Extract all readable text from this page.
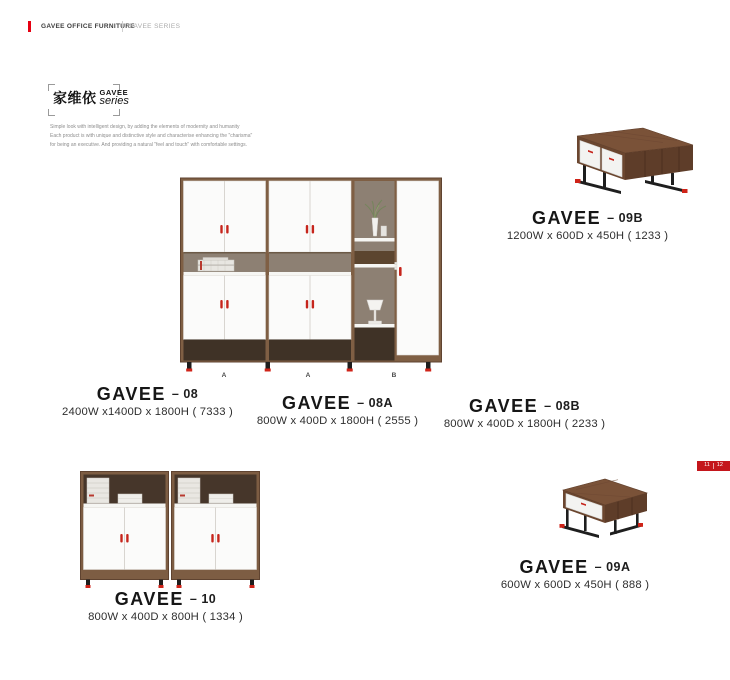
GAVEE OFFICE FURNITURE
GAVEE SERIES
家维依 GAVEE
series
Simple look with intelligent design, by adding the elements of modernity and humanity
Each product is with unique and distinctive style and characterise enhancing the "charisma"
for being an executive. And providing a natural "feel and touch" with comfortable settings.
A	A	B
GAVEE – 08
2400W x1400D x 1800H ( 7333 )	GAVEE – 08A
800W x 400D x 1800H ( 2555 )
GAVEE – 08B
800W x 400D x 1800H ( 2233 )
GAVEE – 09B
1200W x 600D x 450H ( 1233 )
GAVEE – 09A
600W x 600D x 450H ( 888 )
GAVEE – 10
800W x 400D x 800H ( 1334 )
11 12
